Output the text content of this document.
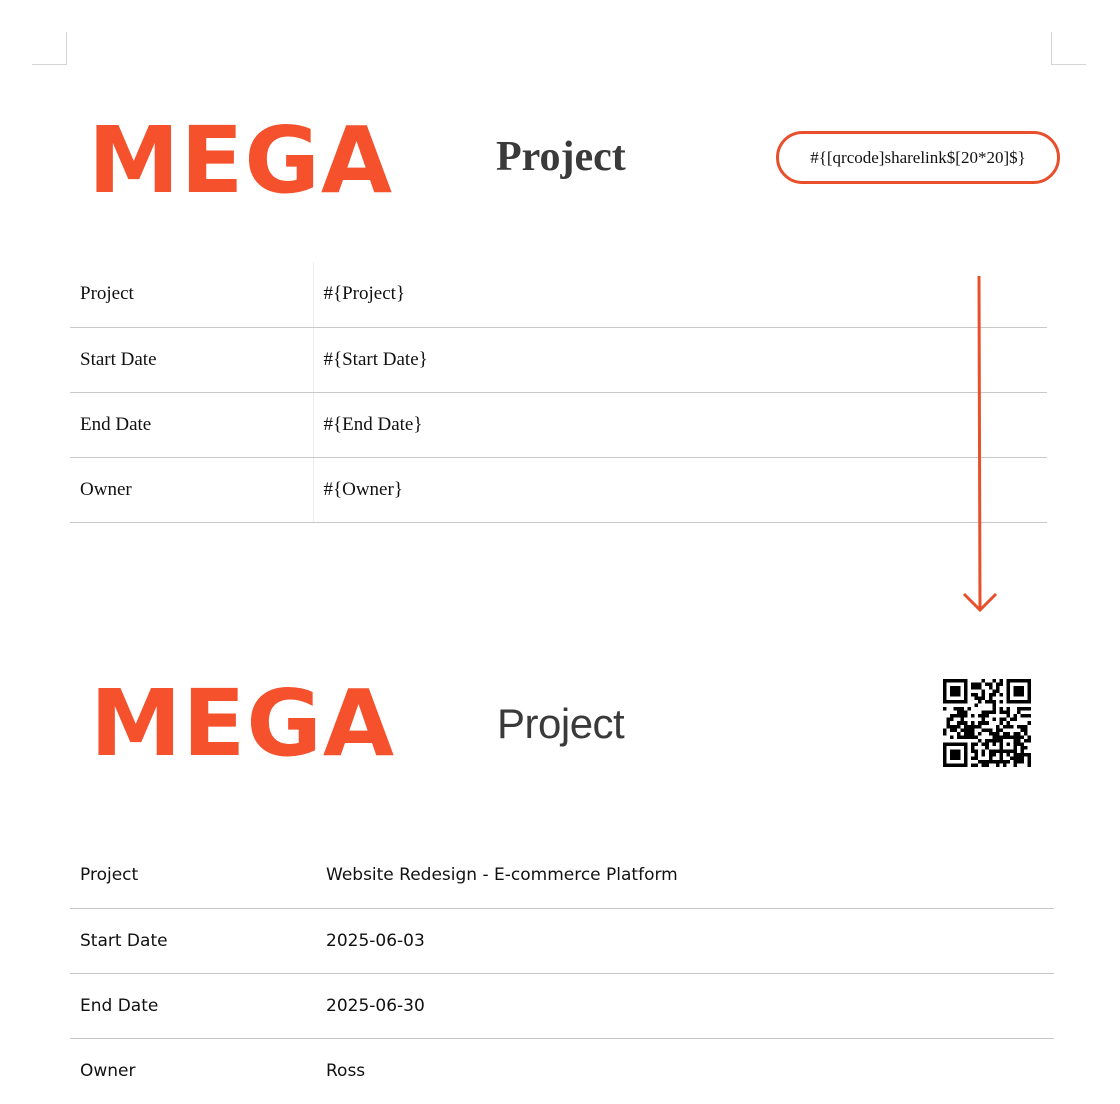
MEGA Project	#{[qrcode]sharelink$[20*20]$}
Project	#{Project}
Start Date	#{Start Date}
End Date	#{End Date}
Owner	#{Owner}
MEGA Project
Project	Website Redesign - E-commerce Platform
Start Date	2025-06-03
End Date	2025-06-30
Owner	Ross
